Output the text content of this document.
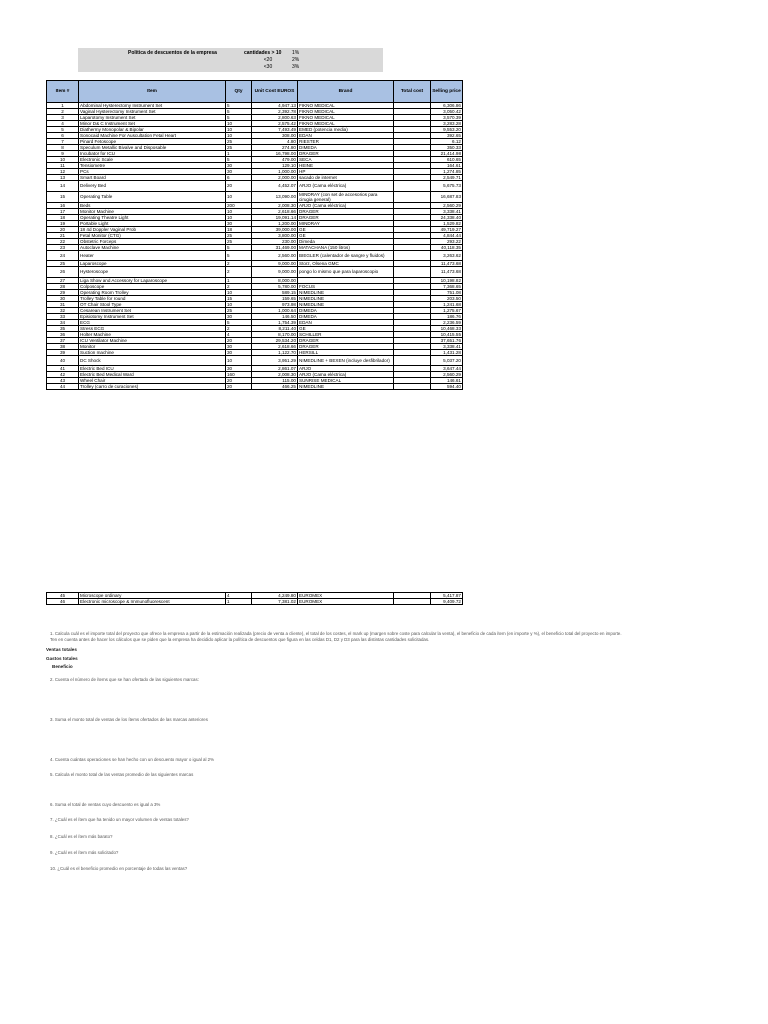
Politica de descuentos de la empresa	cantidades > 10	1%
<20	2%
<30	3%
Item #	Item	Qty	Unit Cost EUROS	Brand	Total cost	Selling price
1	Abdominal Hysterectomy Instrument Set	5	4,947.13	FIKNO MEDICAL		6,306.86
2	Vaginal Hysterectomy Instrument Set	5	2,392.78	FIKNO MEDICAL		3,050.42
3	Laparotomy Instrument Set	5	2,800.63	FIKNO MEDICAL		3,570.39
4	Minor D& C Instrument Set	10	2,575.42	FIKNO MEDICAL		3,283.28
5	Diathermy Monopolar & Bipolar	10	7,493.49	EMED (potencia media)		9,553.20
6	Sonocaid Machine For Auscultation Fetal Heart	10	308.00	EDAN		392.65
7	Pinard Fetoscope	25	4.80	RIESTER		6.12
8	Speculum Metallic Bivalve and Disposable	25	274.80	DIMEDA		350.33
9	Incubator for ICU	1	16,798.00	DRAGER		21,414.98
10	Electronic Scale	5	479.00	SECA		610.65
11	Tensiometre	30	129.10	HEINE		164.61
12	PCs	30	1,000.00	HP		1,274.85
13	Smart Board	6	2,000.00	sacado de internet		2,549.71
14	Delivery Bed	20	4,452.07	ARJO (Cama eléctrica)		5,675.73
15	Operating Table	10	13,090.00	MINDRAY (con set de accesorios para cirugia general)		16,687.83
16	Beds	200	2,008.30	ARJO (Cama eléctrica)		2,560.29
17	Monitor Machine	10	2,618.66	DRAGER		3,338.41
18	Operating Theatre Light	10	19,091.14	DRAGER		24,338.40
19	Portable Light	30	1,200.00	MINDRAY		1,529.82
20	18 4d Doppler Vaginal Prob	18	39,000.00	GE		49,719.27
21	Fetal Monitor (CTG)	25	3,800.00	GE		4,844.44
22	Obstetric Forceps	25	230.00	Dimeda		293.22
23	Autoclave Machine	5	31,469.00	MATACHANA (150 litros)		40,118.35
24	Heater	5	2,560.00	BIEGLER (calentador de sangre y fluidos)		3,263.62
25	Laparoscope	2	9,000.00	Storz, Olsena GMC		11,473.68
26	Hysteroscope	2	9,000.00	pongo lo mismo que para laparoscopio		11,473.68
27	Liga Show and Accessory for Laparoscope	1	8,000.00			10,198.82
28	Colposcope	2	5,780.00	FOCUS		7,368.65
29	Operating Room Trolley	10	589.15	NIMEDLINE		751.08
30	Trolley Table for round	15	159.65	NIMEDLINE		203.50
31	OT Chair Stool Type	10	973.98	NIMEDLINE		1,241.68
32	Cesarean Instrument Set	25	1,000.64	DIMEDA		1,275.67
33	Episiotomy Instrument Set	30	146.50	DIMEDA		186.76
34	ECG	5	1,754.39	EDAN		2,236.59
35	Stress ECG	2	8,211.40	GE		10,468.33
36	Holter Machine	4	8,170.00	SCHILLER		10,415.55
37	ICU Ventilator Machine	20	29,534.20	DRAGER		37,651.76
38	Monitor	30	2,618.66	DRAGER		3,338.41
39	Suction machine	30	1,122.70	HERSILL		1,431.28
40	DC Shock	10	3,951.29	NIMEDLINE + BEXEN (incluye desfibrilador)		5,037.20
41	Electric Bed ICU	30	2,861.07	ARJO		3,647.44
42	Electric Bed Medical Ward	160	2,008.30	ARJO (Cama eléctrica)		2,560.29
43	Wheel Chair	20	115.00	SUNRISE MEDICAL		146.61
44	Trolley (carro de curaciones)	20	466.25	NIMEDLINE		594.40
45	Microscope ordinary	4	4,249.80	EUROMEX		5,417.87
46	Electronic microscope & Immunofluorescent	1	7,381.02	EUROMEX		9,409.72
1. Calcula cuál es el importe total del proyecto que ofrece la empresa a partir de la estimación realizada (precio de venta a cliente), el total de los costes, el mark up (margen sobre coste para calcular la venta), el beneficio de cada ítem (en importe y %), el beneficio total del proyecto en importe.
Ten en cuenta antes de hacer los cálculos que se piden que la empresa ha decidido aplicar la política de descuentos que figura en las celdas D1, D2 y D3 para las distintas cantidades solicitadas.
Ventas totales
Gastos totales
Beneficio
2. Cuenta el número de ítems que se han ofertado de las siguientes marcas:
3. Suma el monto total de ventas de los ítems ofertados de las marcas anteriores
4. Cuenta cuántas operaciones se han hecho con un descuento mayor o igual al 2%
5. Calcula el monto total de las ventas promedio de las siguientes marcas
6. Suma el total de ventas cuyo descuento es igual a 3%
7. ¿Cuál es el ítem que ha tenido un mayor volumen de ventas totales?
8. ¿Cuál es el ítem más barato?
9. ¿Cuál es el ítem más solicitado?
10. ¿Cuál es el beneficio promedio en porcentaje de todas las ventas?
